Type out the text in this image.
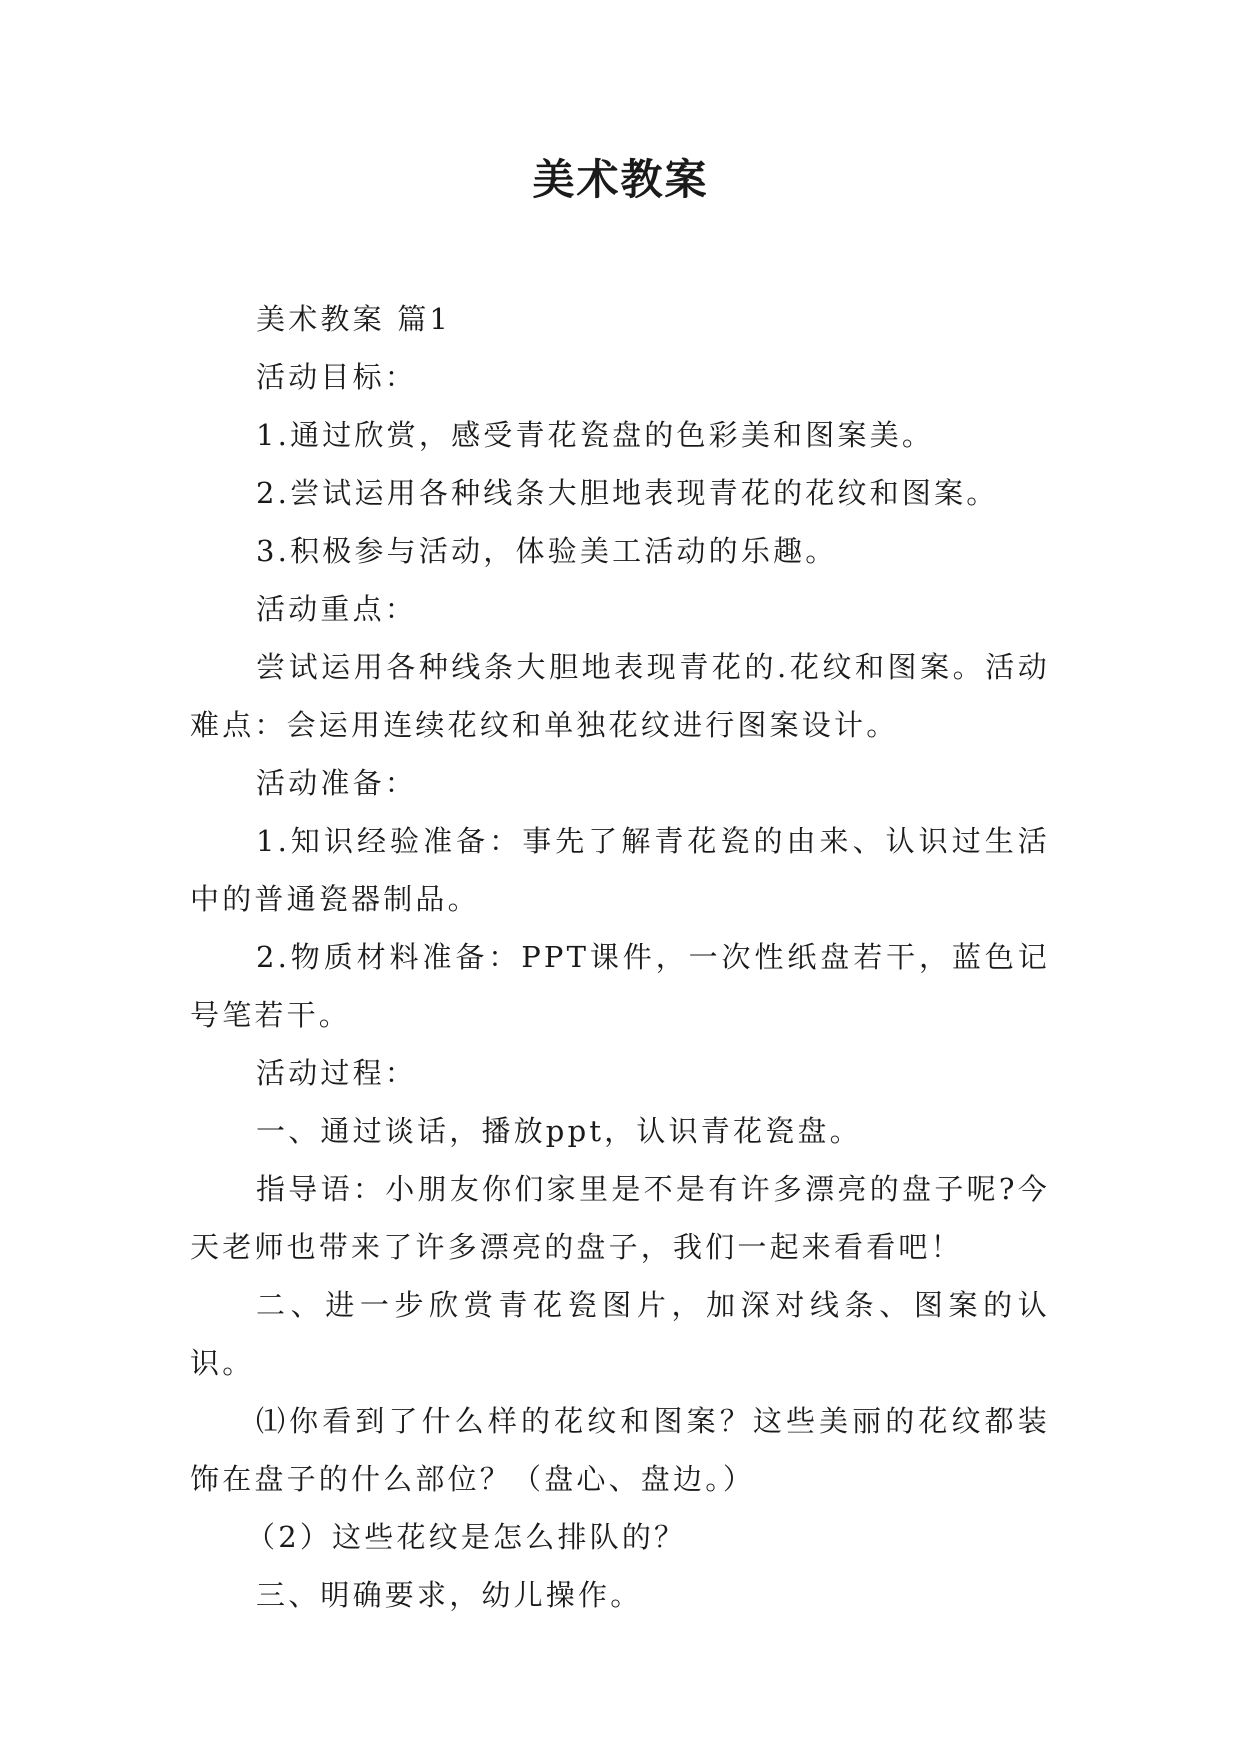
美术教案

美术教案 篇1

活动目标：

1.通过欣赏，感受青花瓷盘的色彩美和图案美。

2.尝试运用各种线条大胆地表现青花的花纹和图案。

3.积极参与活动，体验美工活动的乐趣。

活动重点：

尝试运用各种线条大胆地表现青花的.花纹和图案。活动难点：会运用连续花纹和单独花纹进行图案设计。

活动准备：

1.知识经验准备：事先了解青花瓷的由来、认识过生活中的普通瓷器制品。

2.物质材料准备：PPT课件，一次性纸盘若干，蓝色记号笔若干。

活动过程：

一、通过谈话，播放ppt，认识青花瓷盘。

指导语：小朋友你们家里是不是有许多漂亮的盘子呢?今天老师也带来了许多漂亮的盘子，我们一起来看看吧！

二、进一步欣赏青花瓷图片，加深对线条、图案的认识。

⑴你看到了什么样的花纹和图案？这些美丽的花纹都装饰在盘子的什么部位？（盘心、盘边。）

（2）这些花纹是怎么排队的？

三、明确要求，幼儿操作。
